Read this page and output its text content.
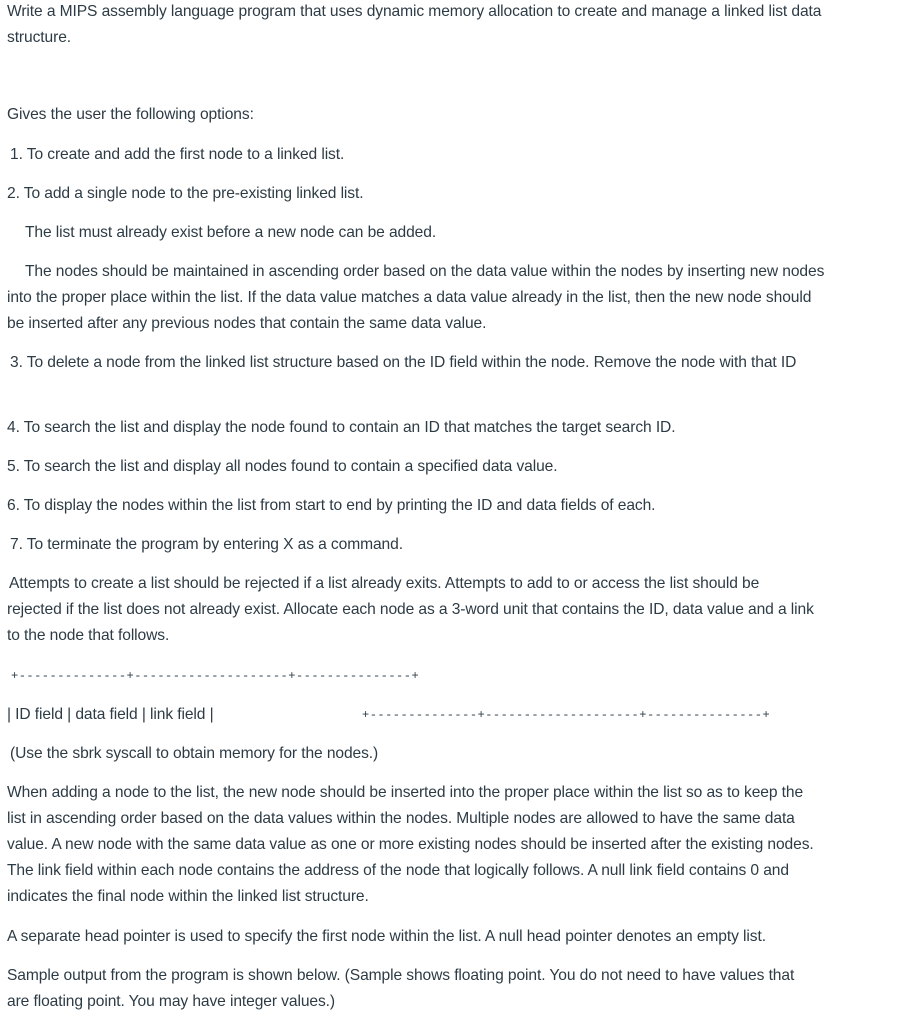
Write a MIPS assembly language program that uses dynamic memory allocation to create and manage a linked list data
structure.
Gives the user the following options:
1. To create and add the first node to a linked list.
2. To add a single node to the pre-existing linked list.
The list must already exist before a new node can be added.
The nodes should be maintained in ascending order based on the data value within the nodes by inserting new nodes
into the proper place within the list. If the data value matches a data value already in the list, then the new node should
be inserted after any previous nodes that contain the same data value.
3. To delete a node from the linked list structure based on the ID field within the node. Remove the node with that ID
4. To search the list and display the node found to contain an ID that matches the target search ID.
5. To search the list and display all nodes found to contain a specified data value.
6. To display the nodes within the list from start to end by printing the ID and data fields of each.
7. To terminate the program by entering X as a command.
Attempts to create a list should be rejected if a list already exits. Attempts to add to or access the list should be
rejected if the list does not already exist. Allocate each node as a 3-word unit that contains the ID, data value and a link
to the node that follows.
+--------------+--------------------+---------------+
| ID field | data field | link field |	+--------------+--------------------+---------------+
(Use the sbrk syscall to obtain memory for the nodes.)
When adding a node to the list, the new node should be inserted into the proper place within the list so as to keep the
list in ascending order based on the data values within the nodes. Multiple nodes are allowed to have the same data
value. A new node with the same data value as one or more existing nodes should be inserted after the existing nodes.
The link field within each node contains the address of the node that logically follows. A null link field contains 0 and
indicates the final node within the linked list structure.
A separate head pointer is used to specify the first node within the list. A null head pointer denotes an empty list.
Sample output from the program is shown below. (Sample shows floating point. You do not need to have values that
are floating point. You may have integer values.)
